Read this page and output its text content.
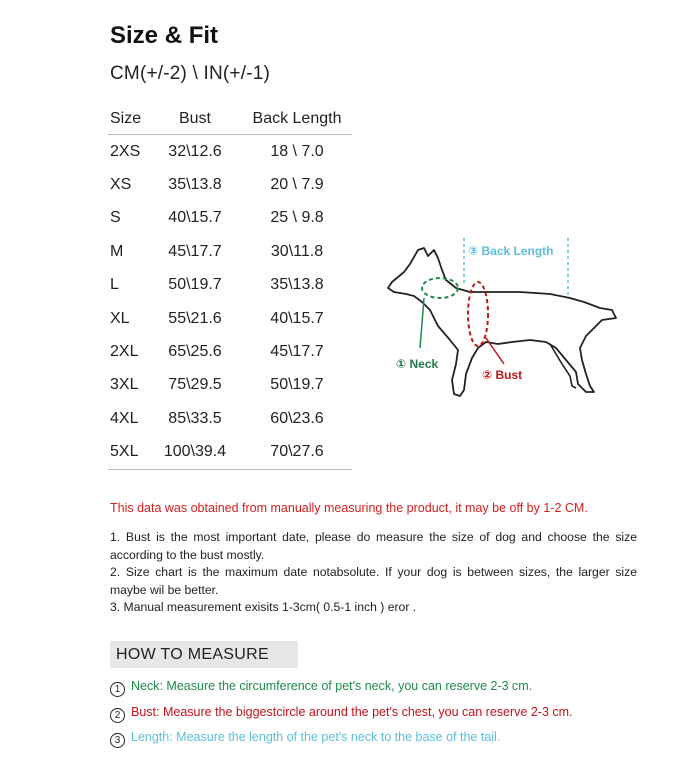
Size & Fit
CM(+/-2) \ IN(+/-1)
Size	Bust	Back Length
2XS	32\12.6	18 \ 7.0
XS	35\13.8	20 \ 7.9
S	40\15.7	25 \ 9.8
M	45\17.7	30\11.8
L	50\19.7	35\13.8
XL	55\21.6	40\15.7
2XL	65\25.6	45\17.7
3XL	75\29.5	50\19.7
4XL	85\33.5	60\23.6
5XL	100\39.4	70\27.6
③ Back Length
① Neck
② Bust
This data was obtained from manually measuring the product, it may be off by 1-2 CM.

1. Bust is the most important date, please do measure the size of dog and choose the size according to the bust mostly.

2. Size chart is the maximum date notabsolute. If your dog is between sizes, the larger size maybe wil be better.

3. Manual measurement exisits 1-3cm( 0.5-1 inch ) eror .

HOW TO MEASURE
1 Neck: Measure the circumference of pet's neck, you can reserve 2-3 cm.
2 Bust: Measure the biggestcircle around the pet's chest, you can reserve 2-3 cm.
3 Length: Measure the length of the pet's neck to the base of the tail.
